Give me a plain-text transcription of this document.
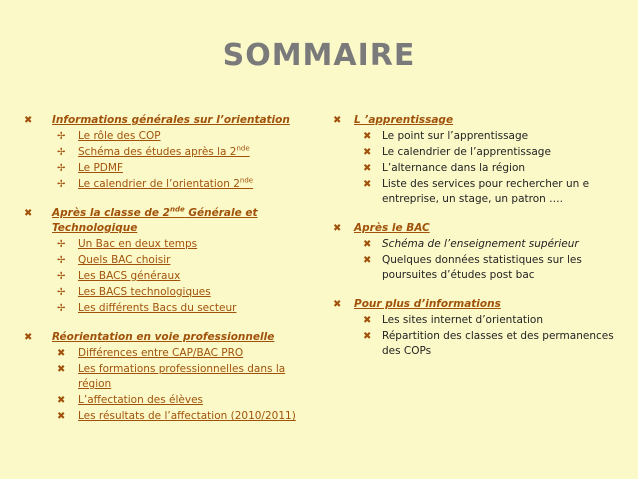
SOMMAIRE
✖ Informations générales sur l’orientation
✢ Le rôle des COP
✢ Schéma des études après la 2nde
✢ Le PDMF
✢ Le calendrier de l’orientation 2nde
✖ Après la classe de 2nde Générale et Technologique
✢ Un Bac en deux temps
✢ Quels BAC choisir
✢ Les BACS généraux
✢ Les BACS technologiques
✢ Les différents Bacs du secteur
✖ Réorientation en voie professionnelle
✖ Différences entre CAP/BAC PRO
✖ Les formations professionnelles dans la région
✖ L’affectation des élèves
✖ Les résultats de l’affectation (2010/2011)
✖ L ’apprentissage
✖ Le point sur l’apprentissage
✖ Le calendrier de l’apprentissage
✖ L’alternance dans la région
✖ Liste des services pour rechercher un e entreprise, un stage, un patron ….
✖ Après le BAC
✖ Schéma de l’enseignement supérieur
✖ Quelques données statistiques sur les poursuites d’études post bac
✖ Pour plus d’informations
✖ Les sites internet d’orientation
✖ Répartition des classes et des permanences des COPs
